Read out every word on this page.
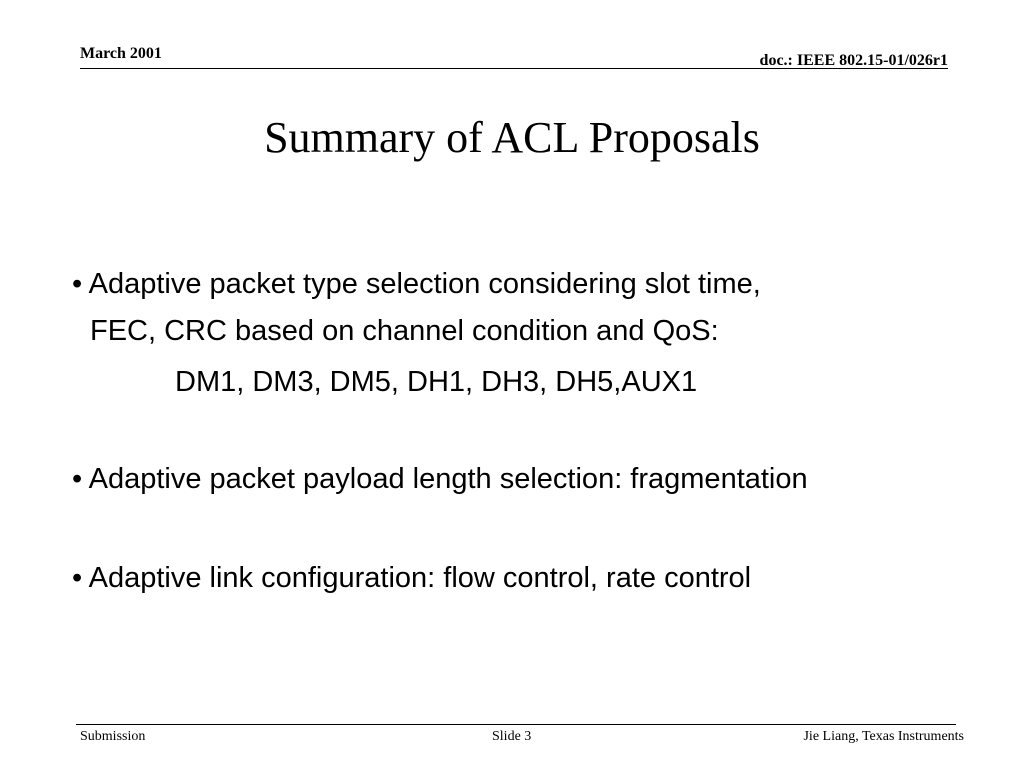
March 2001	doc.: IEEE 802.15-01/026r1
Summary of ACL Proposals
• Adaptive packet type selection considering slot time,
FEC, CRC based on channel condition and QoS:
DM1, DM3, DM5, DH1, DH3, DH5,AUX1
• Adaptive packet payload length selection: fragmentation
• Adaptive link configuration: flow control, rate control
Submission	Slide 3	Jie Liang, Texas Instruments
